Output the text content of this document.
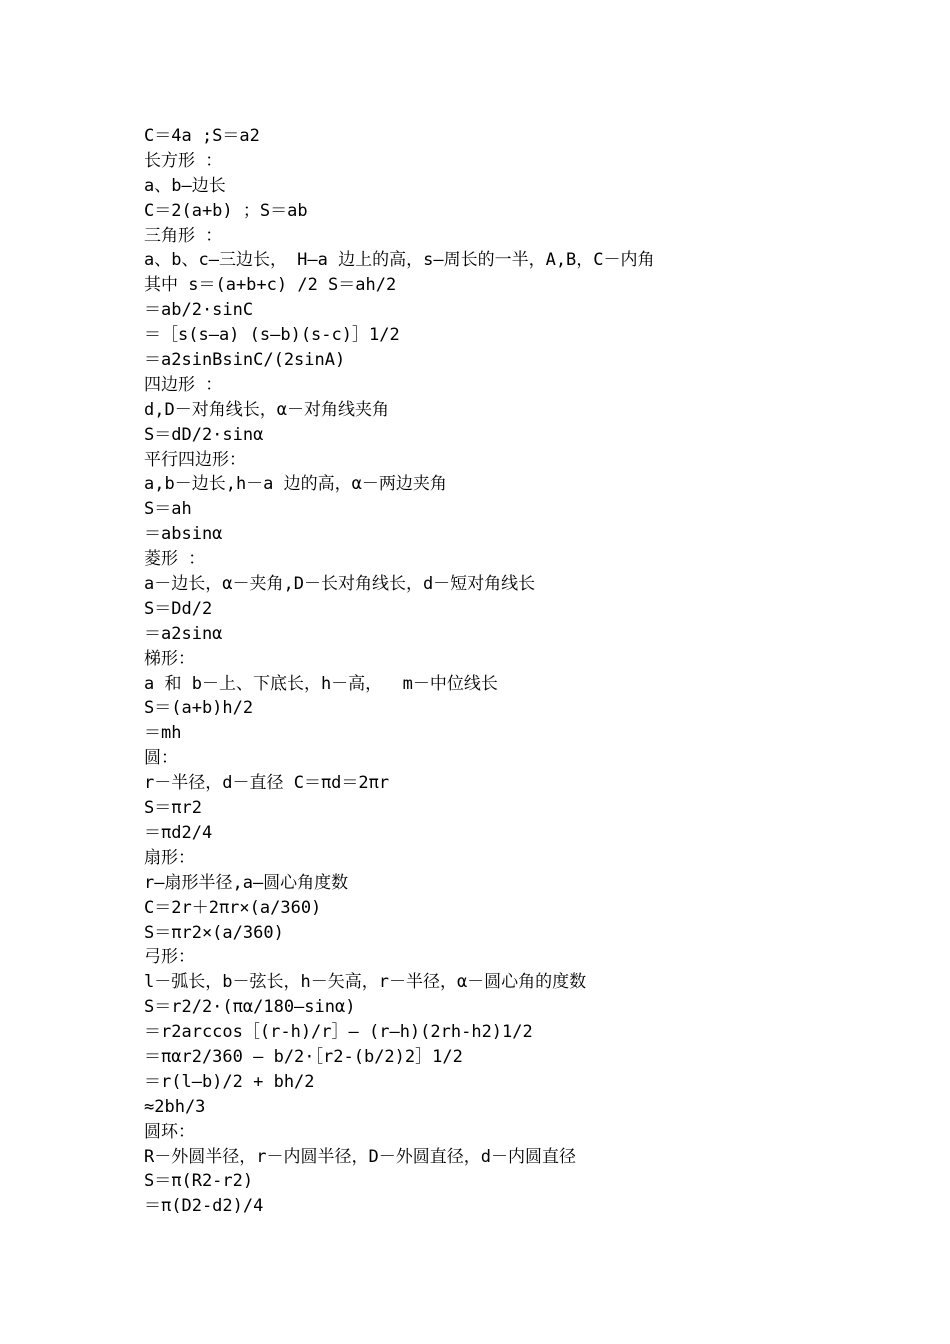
C＝4a ;S＝a2
长方形 ：
a、b—边长
C＝2(a+b) ；S＝ab
三角形 ：
a、b、c—三边长， H—a 边上的高，s—周长的一半，A,B，C－内角
其中 s＝(a+b+c) /2 S＝ah/2
＝ab/2·sinC
＝［s(s—a) (s—b)(s-c)］1/2
＝a2sinBsinC/(2sinA)
四边形 ：
d,D－对角线长，α－对角线夹角
S＝dD/2·sinα
平行四边形：
a,b－边长,h－a 边的高，α－两边夹角
S＝ah
＝absinα
菱形 ：
a－边长，α－夹角,D－长对角线长，d－短对角线长
S＝Dd/2
＝a2sinα
梯形：
a 和 b－上、下底长，h－高，  m－中位线长
S＝(a+b)h/2
＝mh
圆：
r－半径，d－直径 C＝πd＝2πr
S＝πr2
＝πd2/4
扇形：
r—扇形半径,a—圆心角度数
C＝2r＋2πr×(a/360)
S＝πr2×(a/360)
弓形：
l－弧长，b－弦长，h－矢高，r－半径，α－圆心角的度数
S＝r2/2·(πα/180—sinα)
＝r2arccos［(r-h)/r］— (r—h)(2rh-h2)1/2
＝παr2/360 — b/2·［r2-(b/2)2］1/2
＝r(l—b)/2 + bh/2
≈2bh/3
圆环：
R－外圆半径，r－内圆半径，D－外圆直径，d－内圆直径
S＝π(R2-r2)
＝π(D2-d2)/4
